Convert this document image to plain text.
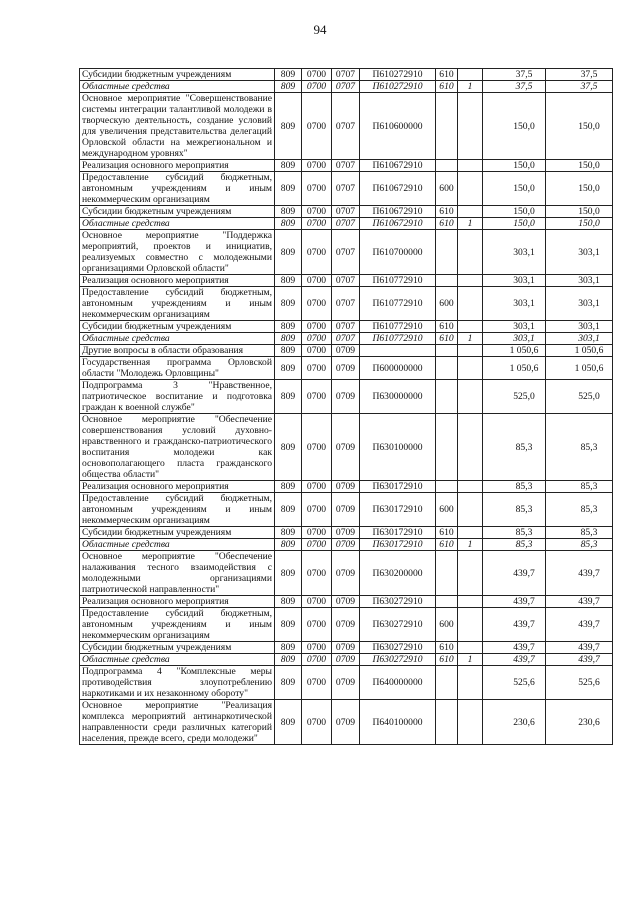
94
Субсидии бюджетным учреждениям	809	0700	0707	П610272910	610		37,5	37,5
Областные средства	809	0700	0707	П610272910	610	1	37,5	37,5
Основное мероприятие "Совершенствование системы интеграции талантливой молодежи в творческую деятельность, создание условий для увеличения представительства делегаций Орловской области на межрегиональном и международном уровнях"	809	0700	0707	П610600000			150,0	150,0
Реализация основного мероприятия	809	0700	0707	П610672910			150,0	150,0
Предоставление субсидий бюджетным, автономным учреждениям и иным некоммерческим организациям	809	0700	0707	П610672910	600		150,0	150,0
Субсидии бюджетным учреждениям	809	0700	0707	П610672910	610		150,0	150,0
Областные средства	809	0700	0707	П610672910	610	1	150,0	150,0
Основное мероприятие "Поддержка мероприятий, проектов и инициатив, реализуемых совместно с молодежными организациями Орловской области"	809	0700	0707	П610700000			303,1	303,1
Реализация основного мероприятия	809	0700	0707	П610772910			303,1	303,1
Предоставление субсидий бюджетным, автономным учреждениям и иным некоммерческим организациям	809	0700	0707	П610772910	600		303,1	303,1
Субсидии бюджетным учреждениям	809	0700	0707	П610772910	610		303,1	303,1
Областные средства	809	0700	0707	П610772910	610	1	303,1	303,1
Другие вопросы в области образования	809	0700	0709				1 050,6	1 050,6
Государственная программа Орловской области "Молодежь Орловщины"	809	0700	0709	П600000000			1 050,6	1 050,6
Подпрограмма 3 "Нравственное, патриотическое воспитание и подготовка граждан к военной службе"	809	0700	0709	П630000000			525,0	525,0
Основное мероприятие "Обеспечение совершенствования условий духовно-нравственного и гражданско-патриотического воспитания молодежи как основополагающего пласта гражданского общества области"	809	0700	0709	П630100000			85,3	85,3
Реализация основного мероприятия	809	0700	0709	П630172910			85,3	85,3
Предоставление субсидий бюджетным, автономным учреждениям и иным некоммерческим организациям	809	0700	0709	П630172910	600		85,3	85,3
Субсидии бюджетным учреждениям	809	0700	0709	П630172910	610		85,3	85,3
Областные средства	809	0700	0709	П630172910	610	1	85,3	85,3
Основное мероприятие "Обеспечение налаживания тесного взаимодействия с молодежными организациями патриотической направленности"	809	0700	0709	П630200000			439,7	439,7
Реализация основного мероприятия	809	0700	0709	П630272910			439,7	439,7
Предоставление субсидий бюджетным, автономным учреждениям и иным некоммерческим организациям	809	0700	0709	П630272910	600		439,7	439,7
Субсидии бюджетным учреждениям	809	0700	0709	П630272910	610		439,7	439,7
Областные средства	809	0700	0709	П630272910	610	1	439,7	439,7
Подпрограмма 4 "Комплексные меры противодействия злоупотреблению наркотиками и их незаконному обороту"	809	0700	0709	П640000000			525,6	525,6
Основное мероприятие "Реализация комплекса мероприятий антинаркотической направленности среди различных категорий населения, прежде всего, среди молодежи"	809	0700	0709	П640100000			230,6	230,6
